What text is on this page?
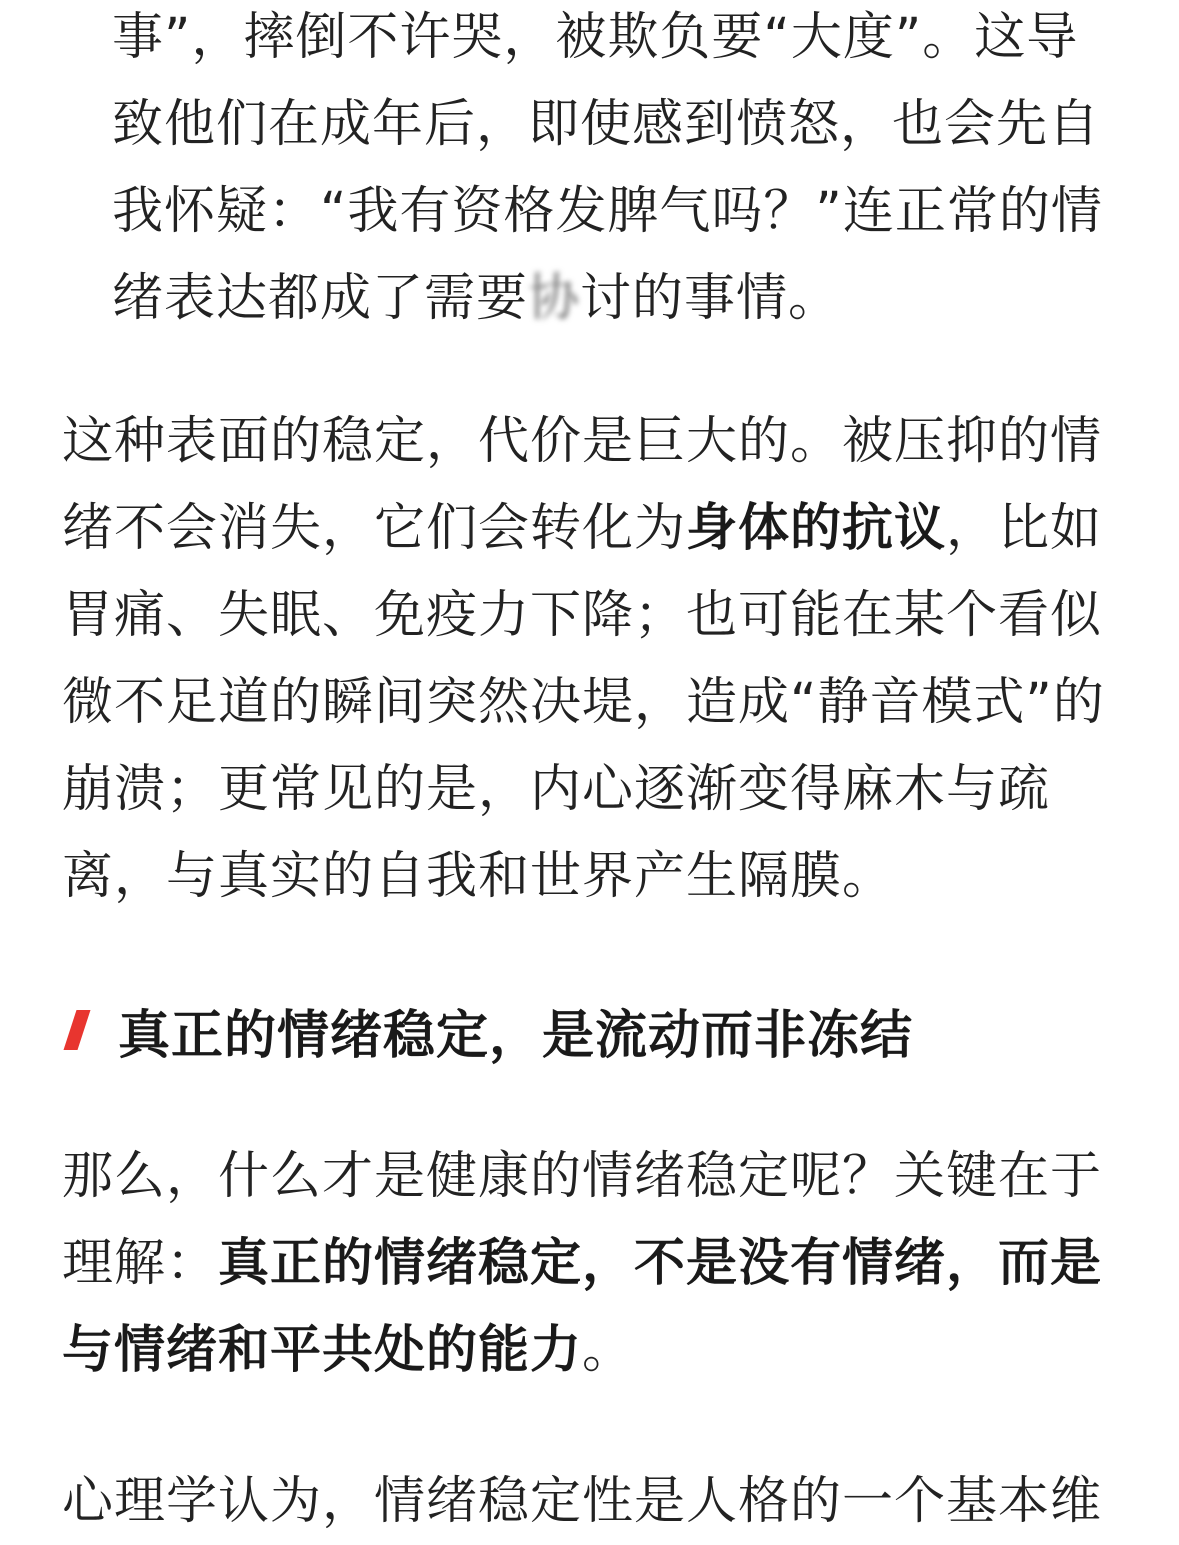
事”，摔倒不许哭，被欺负要“大度”。这导致他们在成年后，即使感到愤怒，也会先自我怀疑：“我有资格发脾气吗？”连正常的情绪表达都成了需要协讨的事情。

这种表面的稳定，代价是巨大的。被压抑的情绪不会消失，它们会转化为身体的抗议，比如胃痛、失眠、免疫力下降；也可能在某个看似微不足道的瞬间突然决堤，造成“静音模式”的崩溃；更常见的是，内心逐渐变得麻木与疏离，与真实的自我和世界产生隔膜。

真正的情绪稳定，是流动而非冻结

那么，什么才是健康的情绪稳定呢？关键在于理解：真正的情绪稳定，不是没有情绪，而是与情绪和平共处的能力。

心理学认为，情绪稳定性是人格的一个基本维
